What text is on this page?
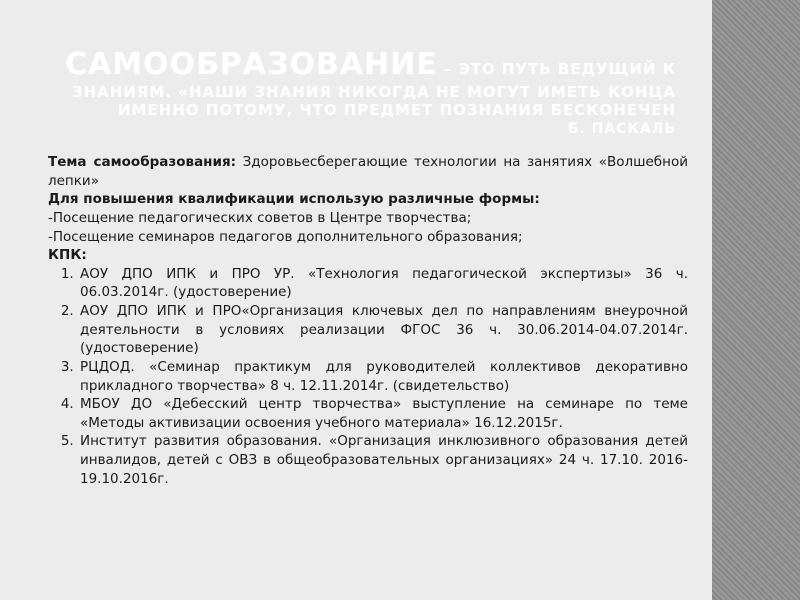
САМООБРАЗОВАНИЕ – ЭТО ПУТЬ ВЕДУЩИЙ К ЗНАНИЯМ. «НАШИ ЗНАНИЯ НИКОГДА НЕ МОГУТ ИМЕТЬ КОНЦА ИМЕННО ПОТОМУ, ЧТО ПРЕДМЕТ ПОЗНАНИЯ БЕСКОНЕЧЕН
Б. ПАСКАЛЬ

Тема самообразования: Здоровьесберегающие технологии на занятиях «Волшебной лепки»

Для повышения квалификации использую различные формы:

-Посещение педагогических советов в Центре творчества;

-Посещение семинаров педагогов дополнительного образования;

КПК:

1. АОУ ДПО ИПК и ПРО УР. «Технология педагогической экспертизы» 36 ч. 06.03.2014г. (удостоверение)
2. АОУ ДПО ИПК и ПРО«Организация ключевых дел по направлениям внеурочной деятельности в условиях реализации ФГОС 36 ч. 30.06.2014-04.07.2014г. (удостоверение)
3. РЦДОД. «Семинар практикум для руководителей коллективов декоративно прикладного творчества» 8 ч. 12.11.2014г. (свидетельство)
4. МБОУ ДО «Дебесский центр творчества» выступление на семинаре по теме «Методы активизации освоения учебного материала» 16.12.2015г.
5. Институт развития образования. «Организация инклюзивного образования детей инвалидов, детей с ОВЗ в общеобразовательных организациях» 24 ч. 17.10. 2016-19.10.2016г.
